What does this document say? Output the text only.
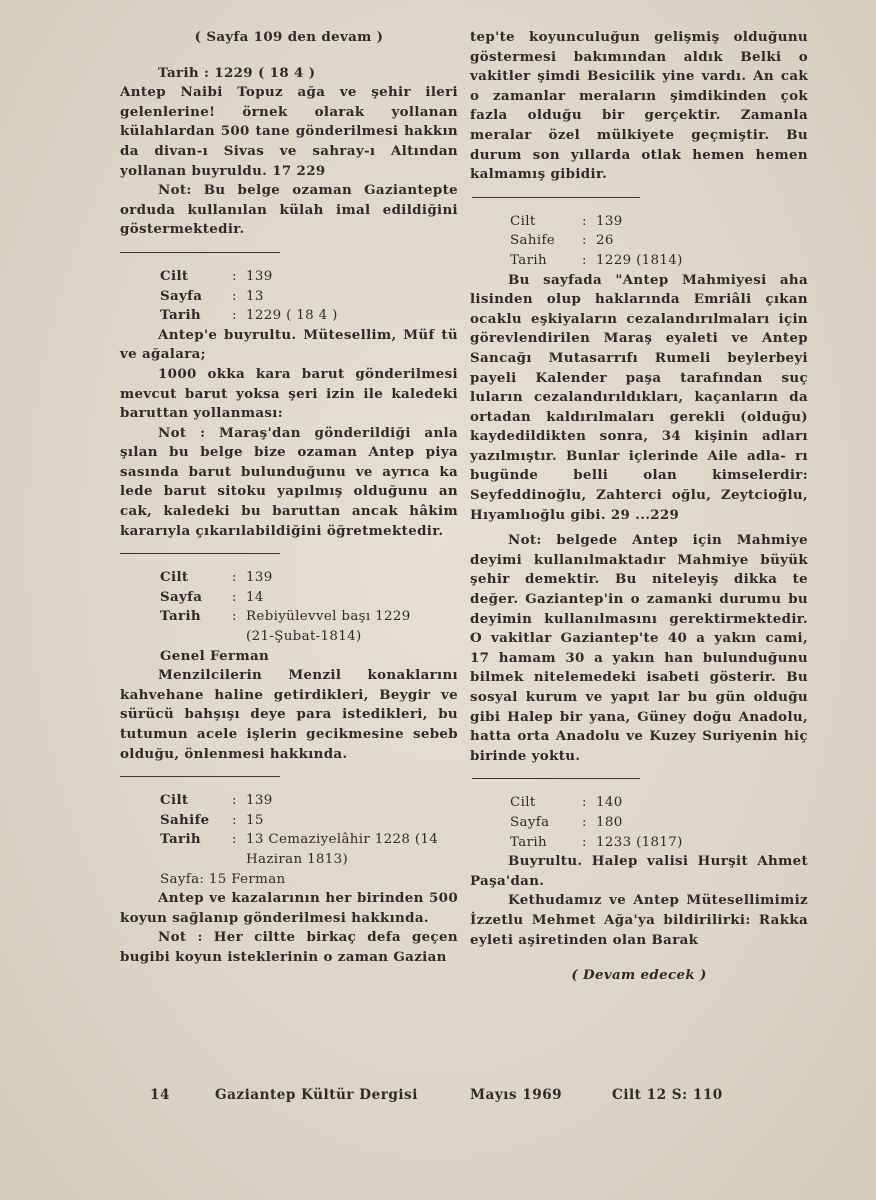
( Sayfa 109 den devam )

Tarih : 1229 ( 18 4 )

Antep Naibi Topuz ağa ve şehir ileri gelenlerine! örnek olarak yollanan külahlardan 500 tane gönderilmesi hakkın da divan-ı Sivas ve sahray-ı Altından yollanan buyruldu. 17 229

Not: Bu belge ozaman Gaziantepte orduda kullanılan külah imal edildiğini göstermektedir.

Cilt	: 139
Sayfa	: 13
Tarih	: 1229 ( 18 4 )

Antep'e buyrultu. Mütesellim, Müf tü ve ağalara;

1000 okka kara barut gönderilmesi mevcut barut yoksa şeri izin ile kaledeki baruttan yollanması:

Not : Maraş'dan gönderildiği anla şılan bu belge bize ozaman Antep piya sasında barut bulunduğunu ve ayrıca ka lede barut sitoku yapılmış olduğunu an cak, kaledeki bu baruttan ancak hâkim kararıyla çıkarılabildiğini öğretmektedir.

Cilt	: 139
Sayfa	: 14
Tarih	: Rebiyülevvel başı 1229

(21-Şubat-1814)

Genel Ferman

Menzilcilerin Menzil konaklarını kahvehane haline getirdikleri, Beygir ve sürücü bahşışı deye para istedikleri, bu tutumun acele işlerin gecikmesine sebeb olduğu, önlenmesi hakkında.

Cilt	: 139
Sahife	: 15
Tarih	: 13 Cemaziyelâhir 1228 (14

Haziran 1813)

Sayfa: 15 Ferman

Antep ve kazalarının her birinden 500 koyun sağlanıp gönderilmesi hakkında.

Not : Her ciltte birkaç defa geçen bugibi koyun isteklerinin o zaman Gazian

tep'te koyunculuğun gelişmiş olduğunu göstermesi bakımından aldık Belki o vakitler şimdi Besicilik yine vardı. An cak o zamanlar meraların şimdikinden çok fazla olduğu bir gerçektir. Zamanla meralar özel mülkiyete geçmiştir. Bu durum son yıllarda otlak hemen hemen kalmamış gibidir.

Cilt	: 139
Sahife	: 26
Tarih	: 1229 (1814)

Bu sayfada "Antep Mahmiyesi aha lisinden olup haklarında Emriâli çıkan ocaklu eşkiyaların cezalandırılmaları için görevlendirilen Maraş eyaleti ve Antep Sancağı Mutasarrıfı Rumeli beylerbeyi payeli Kalender paşa tarafından suç luların cezalandırıldıkları, kaçanların da ortadan kaldırılmaları gerekli (olduğu) kaydedildikten sonra, 34 kişinin adları yazılmıştır. Bunlar içlerinde Aile adla- rı bugünde belli olan kimselerdir: Seyfeddinoğlu, Zahterci oğlu, Zeytcioğlu, Hıyamlıoğlu gibi. 29 ...229

Not: belgede Antep için Mahmiye deyimi kullanılmaktadır Mahmiye büyük şehir demektir. Bu niteleyiş dikka te değer. Gaziantep'in o zamanki durumu bu deyimin kullanılmasını gerektirmektedir. O vakitlar Gaziantep'te 40 a yakın cami, 17 hamam 30 a yakın han bulunduğunu bilmek nitelemedeki isabeti gösterir. Bu sosyal kurum ve yapıt lar bu gün olduğu gibi Halep bir yana, Güney doğu Anadolu, hatta orta Anadolu ve Kuzey Suriyenin hiç birinde yoktu.

Cilt	: 140
Sayfa	: 180
Tarih	: 1233 (1817)

Buyrultu. Halep valisi Hurşit Ahmet Paşa'dan.

Kethudamız ve Antep Mütesellimimiz İzzetlu Mehmet Ağa'ya bildirilirki: Rakka eyleti aşiretinden olan Barak

( Devam edecek )

14	Gaziantep Kültür Dergisi	Mayıs 1969	Cilt 12 S: 110
